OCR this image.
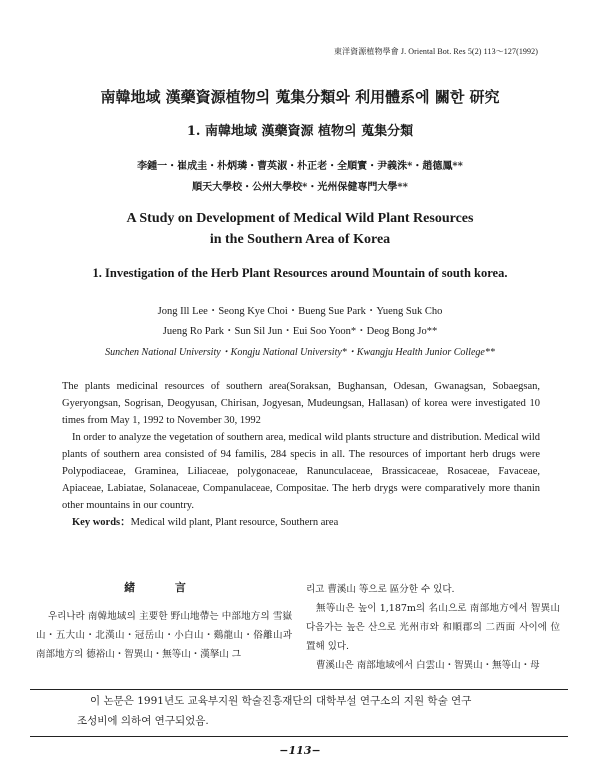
東洋資源植物學會 J. Oriental Bot. Res 5(2) 113～127(1992)
南韓地域 漢藥資源植物의 蒐集分類와 利用體系에 關한 研究
1. 南韓地域 漢藥資源 植物의 蒐集分類
李鍾一・崔成圭・朴炳璘・曹英淑・朴正老・全順實・尹義洙*・趙德鳳**
順天大學校・公州大學校*・光州保健専門大學**
A Study on Development of Medical Wild Plant Resources
in the Southern Area of Korea
1. Investigation of the Herb Plant Resources around Mountain of south korea.
Jong Ill Lee・Seong Kye Choi・Bueng Sue Park・Yueng Suk Cho
Jueng Ro Park・Sun Sil Jun・Eui Soo Yoon*・Deog Bong Jo**
Sunchen National University・Kongju National University*・Kwangju Health Junior College**

The plants medicinal resources of southern area(Soraksan, Bughansan, Odesan, Gwanagsan, Sobaegsan, Gyeryongsan, Sogrisan, Deogyusan, Chirisan, Jogyesan, Mudeungsan, Hallasan) of korea were investigated 10 times from May 1, 1992 to November 30, 1992

In order to analyze the vegetation of southern area, medical wild plants structure and distribution. Medical wild plants of southern area consisted of 94 familis, 284 specis in all. The resources of important herb drugs were Polypodiaceae, Gramineа, Liliaceae, polygonaceae, Ranunculaceae, Brassicaceae, Rosaceae, Favaceae, Apiaceae, Labiatae, Solanaceae, Companulaceae, Compositae. The herb drygs were comparatively more thanin other mountains in our country.

Key words：Medical wild plant, Plant resource, Southern area

緒 言

우리나라 南韓地域의 主要한 野山地帶는 中部地方의 雪嶽山・五大山・北漢山・冠岳山・小白山・鷄龍山・俗離山과 南部地方의 德裕山・智異山・無等山・漢拏山 그

리고 曹溪山 等으로 區分한 수 있다.

無等山은 높이 1,187m의 名山으로 南部地方에서 智異山 다음가는 높은 산으로 光州市와 和順郡의 二西面 사이에 位置해 있다.

曹溪山은 南部地域에서 白雲山・智異山・無等山・母

이 논문은 1991년도 교육부지원 학술진흥재단의 대학부설 연구소의 지원 학술 연구
조성비에 의하여 연구되었음.
−113−
